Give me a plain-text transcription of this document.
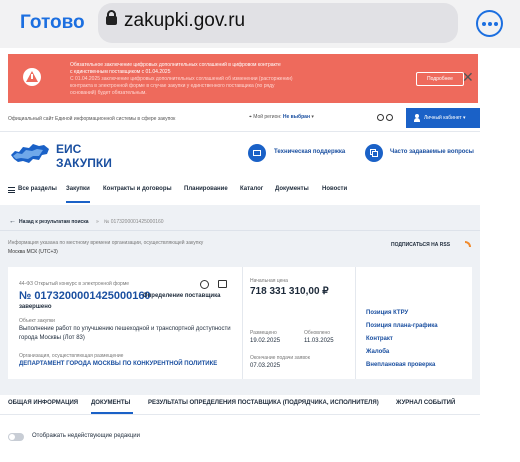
Готово zakupki.gov.ru
Обязательное заключение цифровых дополнительных соглашений в цифровом контракте
с единственным поставщиком с 01.04.2025
С 01.04.2025 заключение цифровых дополнительных соглашений об изменении (расторжении)
контракта в электронной форме в случае закупки у единственного поставщика (по ряду
оснований) будет обязательным.
Подробнее ✕
Официальный сайт Единой информационной системы в сфере закупок	⌖ Мой регион: Не выбран ▾	Личный кабинет ▾
ЕИС
ЗАКУПКИ
Техническая поддержка	Часто задаваемые вопросы
Все разделы Закупки Контракты и договоры Планирование Каталог Документы Новости
← Назад к результатам поиска » № 0173200001425000160
Информация указана по местному времени организации, осуществляющей закупку
Москва МСК (UTC+3)
ПОДПИСАТЬСЯ НА RSS
44-ФЗ Открытый конкурс в электронной форме
№ 0173200001425000160
Определение поставщика
завершено
Объект закупки
Выполнение работ по улучшению пешеходной и транспортной доступности города Москвы (Лот 83)
Организация, осуществляющая размещение
ДЕПАРТАМЕНТ ГОРОДА МОСКВЫ ПО КОНКУРЕНТНОЙ ПОЛИТИКЕ
Начальная цена
718 331 310,00 ₽
Размещено
19.02.2025
Обновлено
11.03.2025
Окончание подачи заявок
07.03.2025
Позиция КТРУ
Позиция плана-графика
Контракт
Жалоба
Внеплановая проверка
ОБЩАЯ ИНФОРМАЦИЯ ДОКУМЕНТЫ	РЕЗУЛЬТАТЫ ОПРЕДЕЛЕНИЯ ПОСТАВЩИКА (ПОДРЯДЧИКА, ИСПОЛНИТЕЛЯ)	ЖУРНАЛ СОБЫТИЙ
Отображать недействующие редакции
